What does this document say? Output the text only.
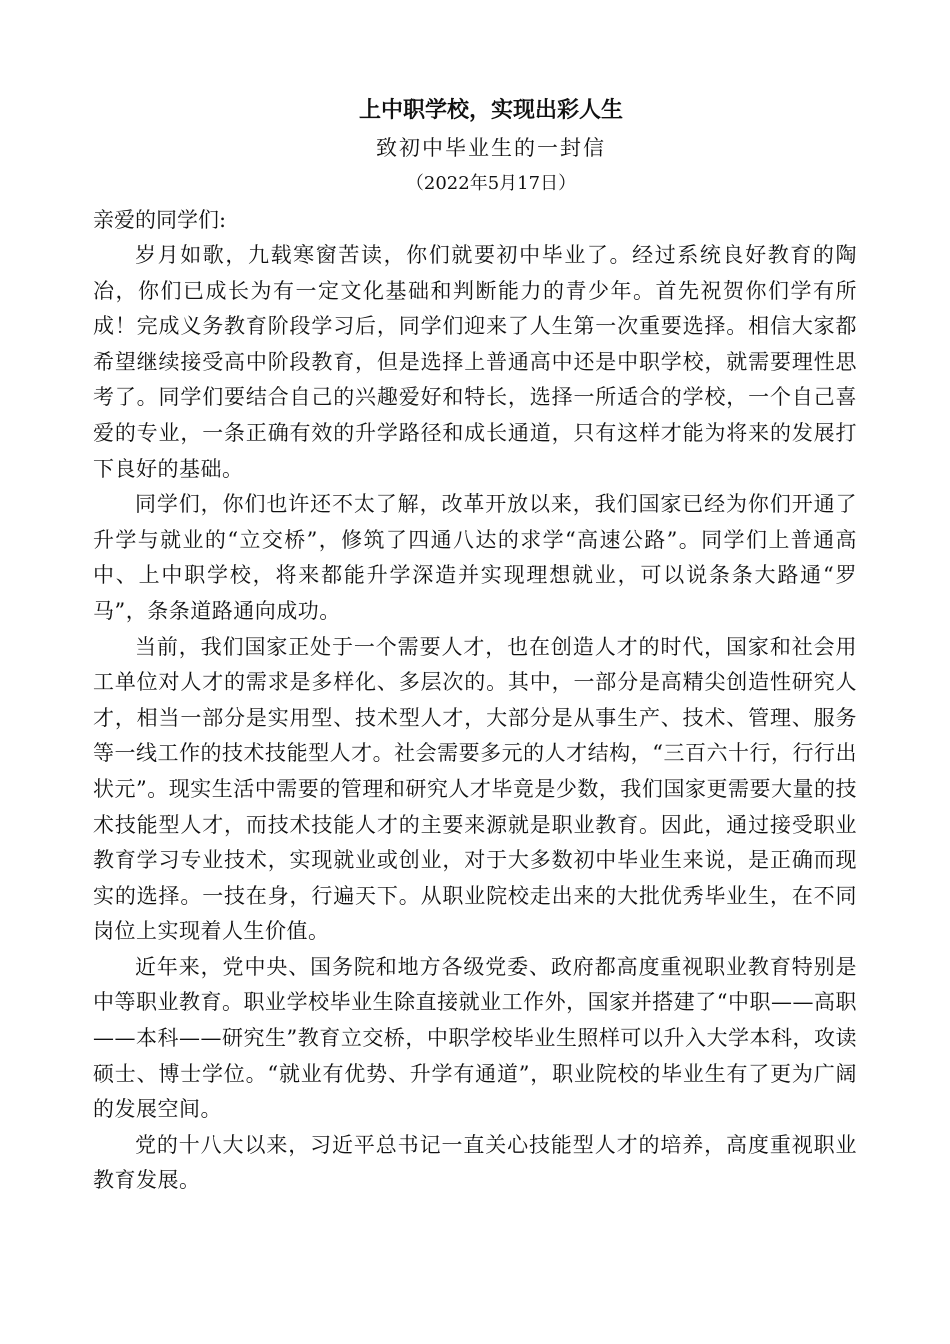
上中职学校，实现出彩人生
致初中毕业生的一封信
（2022年5月17日）

亲爱的同学们:

岁月如歌，九载寒窗苦读，你们就要初中毕业了。经过系统良好教育的陶冶，你们已成长为有一定文化基础和判断能力的青少年。首先祝贺你们学有所成！完成义务教育阶段学习后，同学们迎来了人生第一次重要选择。相信大家都希望继续接受高中阶段教育，但是选择上普通高中还是中职学校，就需要理性思考了。同学们要结合自己的兴趣爱好和特长，选择一所适合的学校，一个自己喜爱的专业，一条正确有效的升学路径和成长通道，只有这样才能为将来的发展打下良好的基础。

同学们，你们也许还不太了解，改革开放以来，我们国家已经为你们开通了升学与就业的“立交桥”，修筑了四通八达的求学“高速公路”。同学们上普通高中、上中职学校，将来都能升学深造并实现理想就业，可以说条条大路通“罗马”，条条道路通向成功。

当前，我们国家正处于一个需要人才，也在创造人才的时代，国家和社会用工单位对人才的需求是多样化、多层次的。其中，一部分是高精尖创造性研究人才，相当一部分是实用型、技术型人才，大部分是从事生产、技术、管理、服务等一线工作的技术技能型人才。社会需要多元的人才结构，“三百六十行，行行出状元”。现实生活中需要的管理和研究人才毕竟是少数，我们国家更需要大量的技术技能型人才，而技术技能人才的主要来源就是职业教育。因此，通过接受职业教育学习专业技术，实现就业或创业，对于大多数初中毕业生来说，是正确而现实的选择。一技在身，行遍天下。从职业院校走出来的大批优秀毕业生，在不同岗位上实现着人生价值。

近年来，党中央、国务院和地方各级党委、政府都高度重视职业教育特别是中等职业教育。职业学校毕业生除直接就业工作外，国家并搭建了“中职——高职——本科——研究生”教育立交桥，中职学校毕业生照样可以升入大学本科，攻读硕士、博士学位。“就业有优势、升学有通道”，职业院校的毕业生有了更为广阔的发展空间。

党的十八大以来，习近平总书记一直关心技能型人才的培养，高度重视职业教育发展。
